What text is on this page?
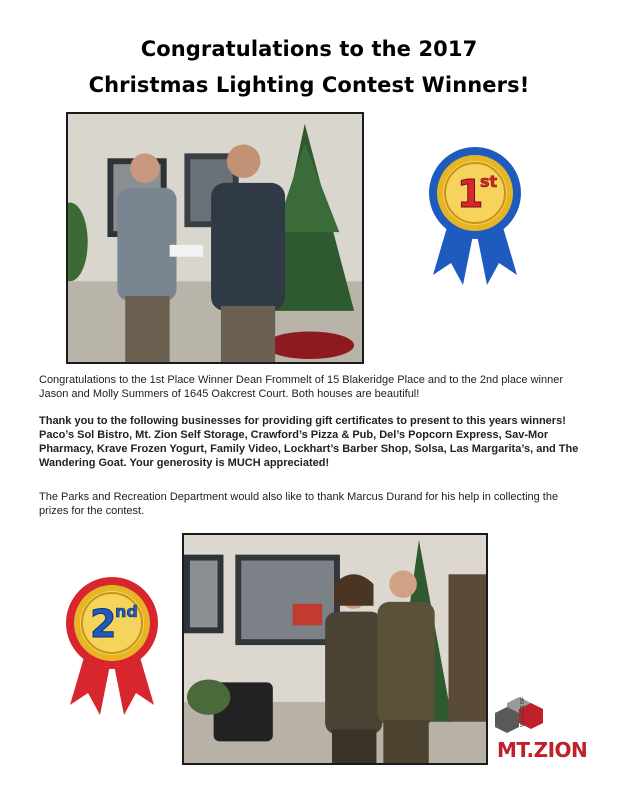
Congratulations to the 2017
Christmas Lighting Contest Winners!
1
st
Congratulations to the 1st Place Winner Dean Frommelt of 15 Blakeridge Place and to the 2nd place winner Jason and Molly Summers of 1645 Oakcrest Court. Both houses are beautiful!
Thank you to the following businesses for providing gift certificates to present to this years winners! Paco’s Sol Bistro, Mt. Zion Self Storage, Crawford’s Pizza & Pub, Del’s Popcorn Express, Sav-Mor Pharmacy, Krave Frozen Yogurt, Family Video, Lockhart’s Barber Shop, Solsa, Las Margarita’s, and The Wandering Goat. Your generosity is MUCH appreciated!
The Parks and Recreation Department would also like to thank Marcus Durand for his help in collecting the prizes for the contest.
2
nd
VILLAGE OF
MT.ZION
